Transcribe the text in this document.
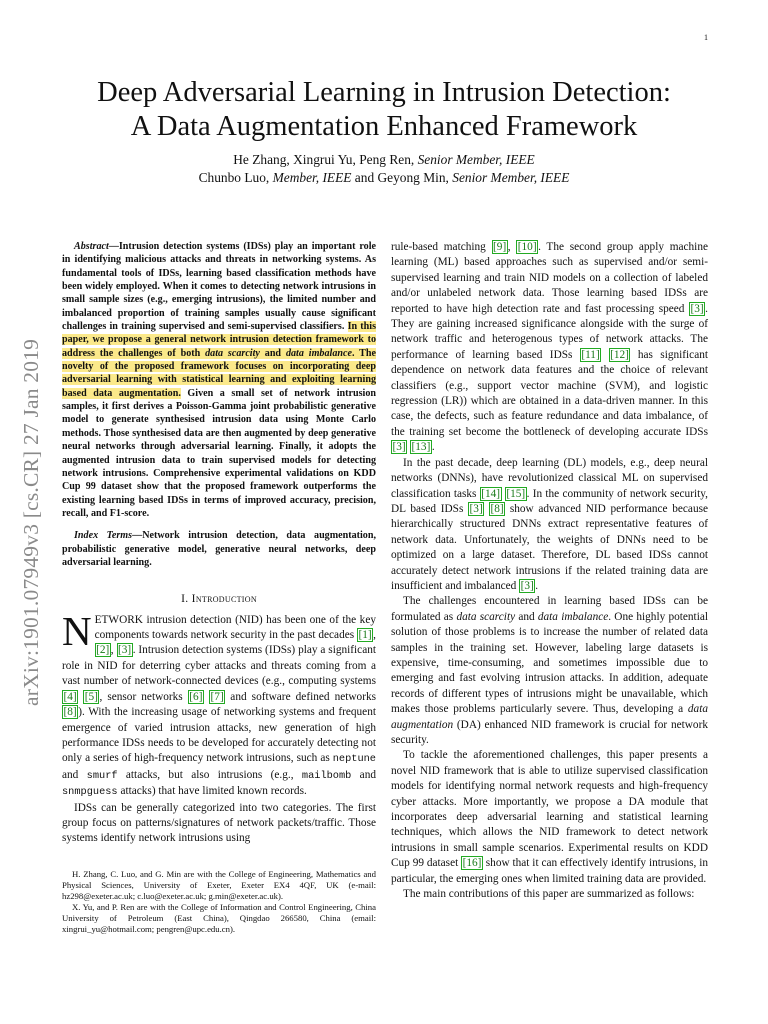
1
arXiv:1901.07949v3 [cs.CR] 27 Jan 2019
Deep Adversarial Learning in Intrusion Detection:
A Data Augmentation Enhanced Framework
He Zhang, Xingrui Yu, Peng Ren, Senior Member, IEEE
Chunbo Luo, Member, IEEE and Geyong Min, Senior Member, IEEE

Abstract—Intrusion detection systems (IDSs) play an important role in identifying malicious attacks and threats in networking systems. As fundamental tools of IDSs, learning based classification methods have been widely employed. When it comes to detecting network intrusions in small sample sizes (e.g., emerging intrusions), the limited number and imbalanced proportion of training samples usually cause significant challenges in training supervised and semi-supervised classifiers. In this paper, we propose a general network intrusion detection framework to address the challenges of both data scarcity and data imbalance. The novelty of the proposed framework focuses on incorporating deep adversarial learning with statistical learning and exploiting learning based data augmentation. Given a small set of network intrusion samples, it first derives a Poisson-Gamma joint probabilistic generative model to generate synthesised intrusion data using Monte Carlo methods. Those synthesised data are then augmented by deep generative neural networks through adversarial learning. Finally, it adopts the augmented intrusion data to train supervised models for detecting network intrusions. Comprehensive experimental validations on KDD Cup 99 dataset show that the proposed framework outperforms the existing learning based IDSs in terms of improved accuracy, precision, recall, and F1-score.

Index Terms—Network intrusion detection, data augmentation, probabilistic generative model, generative neural networks, deep adversarial learning.

I. Introduction

NETWORK intrusion detection (NID) has been one of the key components towards network security in the past decades [1] , [2] , [3] . Intrusion detection systems (IDSs) play a significant role in NID for deterring cyber attacks and threats coming from a vast number of network-connected devices (e.g., computing systems [4] [5] , sensor networks [6] [7] and software defined networks [8] ). With the increasing usage of networking systems and frequent emergence of varied intrusion attacks, new generation of high performance IDSs needs to be developed for accurately detecting not only a series of high-frequency network intrusions, such as neptune and smurf attacks, but also intrusions (e.g., mailbomb and snmpguess attacks) that have limited known records.

IDSs can be generally categorized into two categories. The first group focus on patterns/signatures of network packets/traffic. Those systems identify network intrusions using

H. Zhang, C. Luo, and G. Min are with the College of Engineering, Mathematics and Physical Sciences, University of Exeter, Exeter EX4 4QF, UK (e-mail: hz298@exeter.ac.uk; c.luo@exeter.ac.uk; g.min@exeter.ac.uk).

X. Yu, and P. Ren are with the College of Information and Control Engineering, China University of Petroleum (East China), Qingdao 266580, China (email: xingrui_yu@hotmail.com; pengren@upc.edu.cn).

rule-based matching [9] , [10] . The second group apply machine learning (ML) based approaches such as supervised and/or semi-supervised learning and train NID models on a collection of labeled and/or unlabeled network data. Those learning based IDSs are reported to have high detection rate and fast processing speed [3] . They are gaining increased significance alongside with the surge of network traffic and heterogenous types of network attacks. The performance of learning based IDSs [11] [12] has significant dependence on network data features and the choice of relevant classifiers (e.g., support vector machine (SVM), and logistic regression (LR)) which are obtained in a data-driven manner. In this case, the defects, such as feature redundance and data imbalance, of the training set become the bottleneck of developing accurate IDSs [3] [13] .

In the past decade, deep learning (DL) models, e.g., deep neural networks (DNNs), have revolutionized classical ML on supervised classification tasks [14] [15] . In the community of network security, DL based IDSs [3] [8] show advanced NID performance because hierarchically structured DNNs extract representative features of network data. Unfortunately, the weights of DNNs need to be optimized on a large dataset. Therefore, DL based IDSs cannot accurately detect network intrusions if the related training data are insufficient and imbalanced [3] .

The challenges encountered in learning based IDSs can be formulated as data scarcity and data imbalance. One highly potential solution of those problems is to increase the number of related data samples in the training set. However, labeling large datasets is expensive, time-consuming, and sometimes impossible due to emerging and fast evolving intrusion attacks. In addition, adequate records of different types of intrusions might be unavailable, which makes those problems particularly severe. Thus, developing a data augmentation (DA) enhanced NID framework is crucial for network security.

To tackle the aforementioned challenges, this paper presents a novel NID framework that is able to utilize supervised classification models for identifying normal network requests and high-frequency cyber attacks. More importantly, we propose a DA module that incorporates deep adversarial learning and statistical learning techniques, which allows the NID framework to detect network intrusions in small sample scenarios. Experimental results on KDD Cup 99 dataset [16] show that it can effectively identify intrusions, in particular, the emerging ones when limited training data are provided.

The main contributions of this paper are summarized as follows:
